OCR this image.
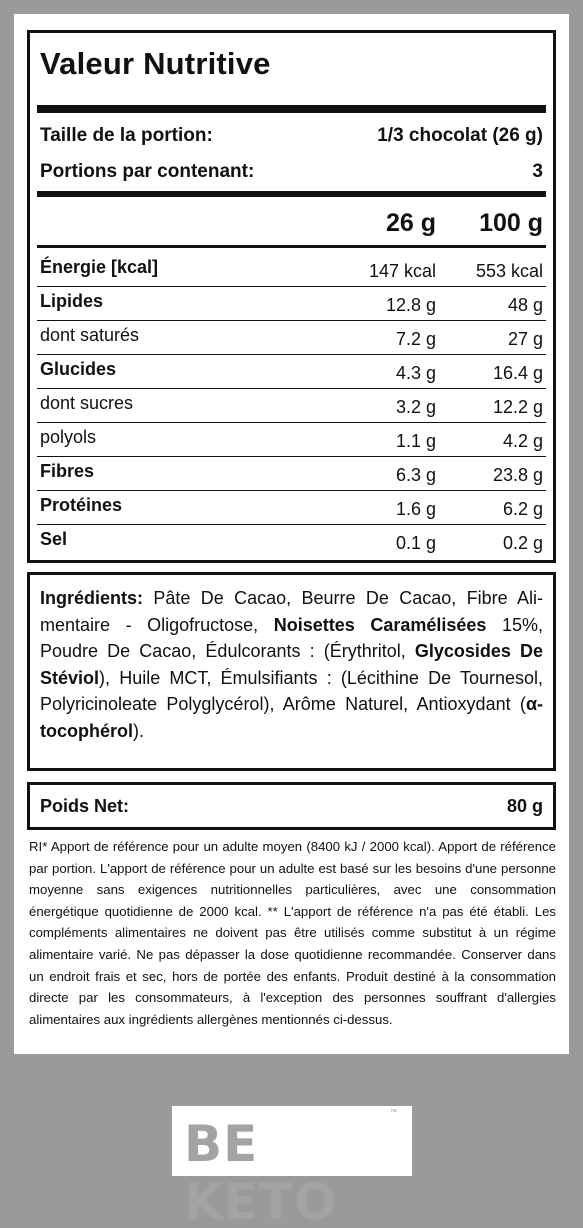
Valeur Nutritive
Taille de la portion:	1/3 chocolat (26 g)
Portions par contenant:	3
26 g 100 g
Énergie [kcal]	147 kcal 553 kcal
Lipides	12.8 g	48 g
dont saturés	7.2 g	27 g
Glucides	4.3 g	16.4 g
dont sucres	3.2 g	12.2 g
polyols	1.1 g	4.2 g
Fibres	6.3 g	23.8 g
Protéines	1.6 g	6.2 g
Sel	0.1 g	0.2 g

Ingrédients: Pâte De Cacao, Beurre De Cacao, Fibre Alimentaire - Oligofructose, Noisettes Caramélisées 15%, Poudre De Cacao, Édulcorants : (Érythritol, Glycosides De Stéviol), Huile MCT, Émulsifiants : (Lécithine De Tournesol, Polyricinoleate Polyglycérol), Arôme Naturel, Antioxydant (α-tocophérol).

Poids Net:	80 g
RI* Apport de référence pour un adulte moyen (8400 kJ / 2000 kcal). Apport de référence par portion. L'apport de référence pour un adulte est basé sur les besoins d'une personne moyenne sans exigences nutritionnelles particulières, avec une consommation énergétique quotidienne de 2000 kcal. ** L'apport de référence n'a pas été établi. Les compléments alimentaires ne doivent pas être utilisés comme substitut à un régime alimentaire varié. Ne pas dépasser la dose quotidienne recommandée. Conserver dans un endroit frais et sec, hors de portée des enfants. Produit destiné à la consommation directe par les consommateurs, à l'exception des personnes souffrant d'allergies alimentaires aux ingrédients allergènes mentionnés ci-dessus.
BE KETO
™
